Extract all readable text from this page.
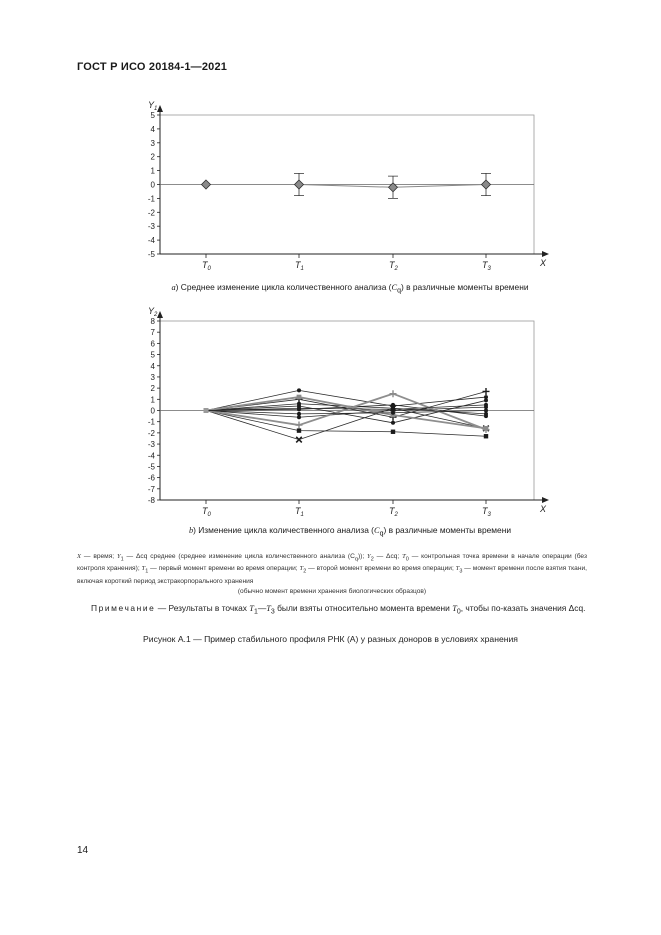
ГОСТ Р ИСО 20184-1—2021
5
4
3
2
1
0
-1
-2
-3
-4
-5
$T_0$	$T_1$	$T_2$	$T_3$
$Y_1$
X
а) Среднее изменение цикла количественного анализа $(C_q)$ в различные моменты времени
8
7
6
5
4
3
2
1
0
-1
-2
-3
-4
-5
-6
-7
-8
$T_0$	$T_1$	$T_2$	$T_3$
$Y_2$
X
b) Изменение цикла количественного анализа $(C_q)$ в различные моменты времени
X — время; $Y_1$ — Δcq среднее (среднее изменение цикла количественного анализа $(C_q)$); $Y_2$ — Δcq; $T_0$ — контрольная точка времени в начале операции (без контроля хранения); $T_1$ — первый момент времени во время операции; $T_2$ — второй момент времени во время операции; $T_3$ — момент времени после взятия ткани, включая короткий период экстракорпорального хранения
(обычно момент времени хранения биологических образцов)
Примечание — Результаты в точках $T_1—T_3$ были взяты относительно момента времени $T_0$, чтобы по-казать значения Δcq.
Рисунок А.1 — Пример стабильного профиля РНК (А) у разных доноров в условиях хранения
14
